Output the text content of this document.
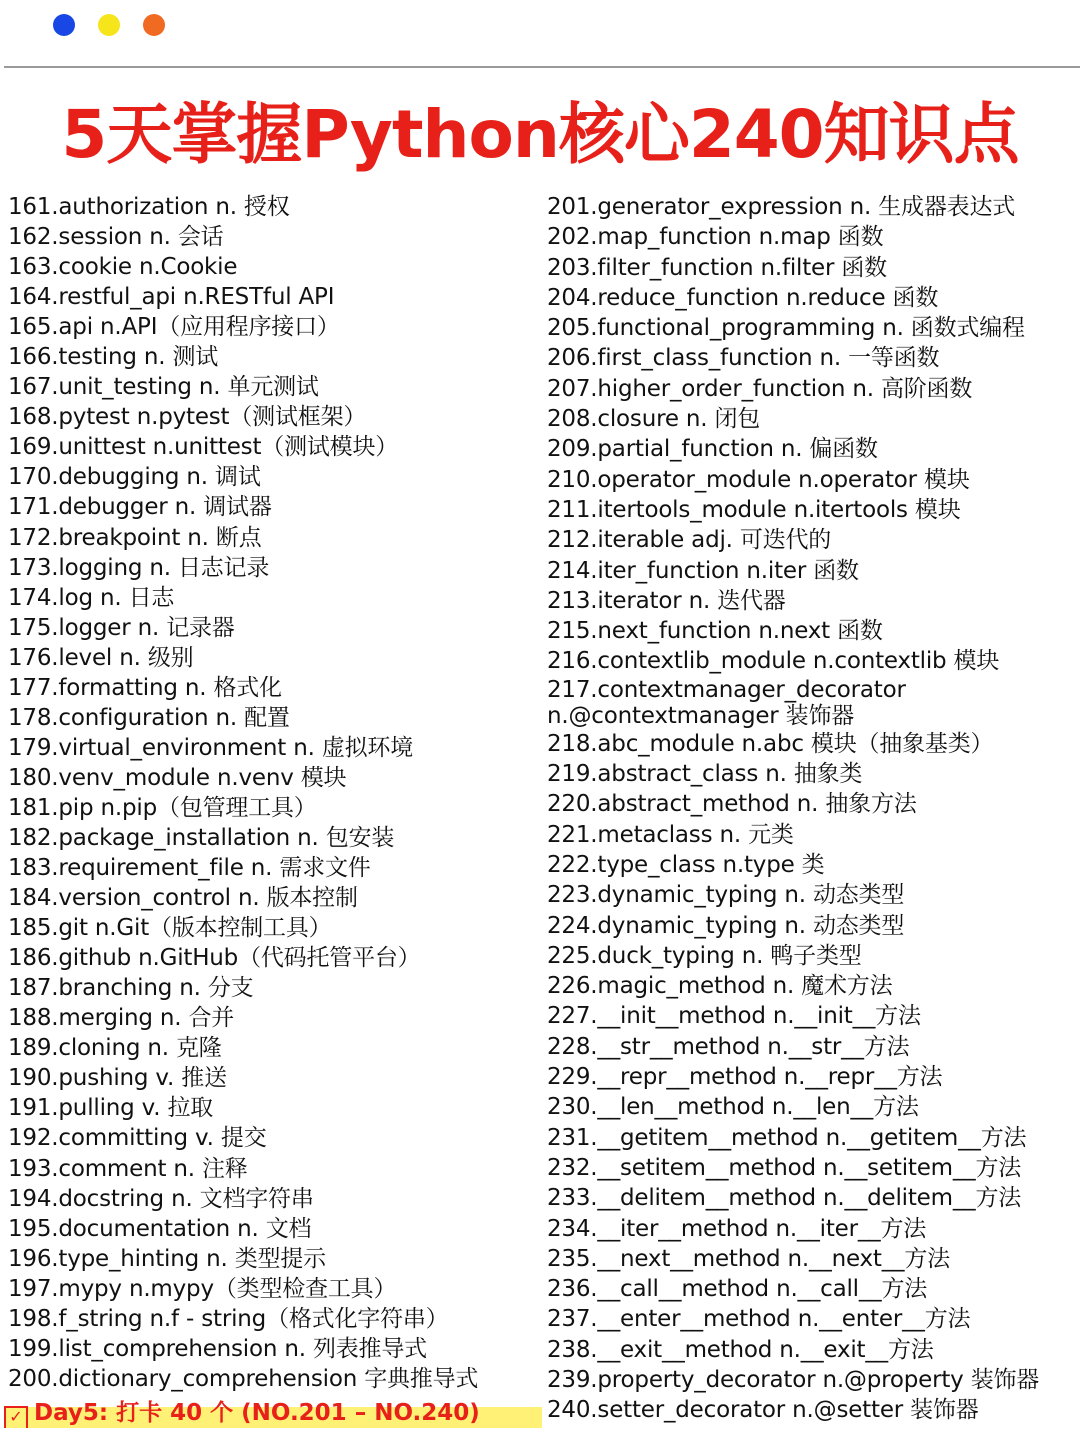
5天掌握Python核心240知识点
161.authorization n. 授权
162.session n. 会话
163.cookie n.Cookie
164.restful_api n.RESTful API
165.api n.API（应用程序接口）
166.testing n. 测试
167.unit_testing n. 单元测试
168.pytest n.pytest（测试框架）
169.unittest n.unittest（测试模块）
170.debugging n. 调试
171.debugger n. 调试器
172.breakpoint n. 断点
173.logging n. 日志记录
174.log n. 日志
175.logger n. 记录器
176.level n. 级别
177.formatting n. 格式化
178.configuration n. 配置
179.virtual_environment n. 虚拟环境
180.venv_module n.venv 模块
181.pip n.pip（包管理工具）
182.package_installation n. 包安装
183.requirement_file n. 需求文件
184.version_control n. 版本控制
185.git n.Git（版本控制工具）
186.github n.GitHub（代码托管平台）
187.branching n. 分支
188.merging n. 合并
189.cloning n. 克隆
190.pushing v. 推送
191.pulling v. 拉取
192.committing v. 提交
193.comment n. 注释
194.docstring n. 文档字符串
195.documentation n. 文档
196.type_hinting n. 类型提示
197.mypy n.mypy（类型检查工具）
198.f_string n.f - string（格式化字符串）
199.list_comprehension n. 列表推导式
200.dictionary_comprehension 字典推导式
201.generator_expression n. 生成器表达式
202.map_function n.map 函数
203.filter_function n.filter 函数
204.reduce_function n.reduce 函数
205.functional_programming n. 函数式编程
206.first_class_function n. 一等函数
207.higher_order_function n. 高阶函数
208.closure n. 闭包
209.partial_function n. 偏函数
210.operator_module n.operator 模块
211.itertools_module n.itertools 模块
212.iterable adj. 可迭代的
214.iter_function n.iter 函数
213.iterator n. 迭代器
215.next_function n.next 函数
216.contextlib_module n.contextlib 模块
217.contextmanager_decorator n.@contextmanager 装饰器
218.abc_module n.abc 模块（抽象基类）
219.abstract_class n. 抽象类
220.abstract_method n. 抽象方法
221.metaclass n. 元类
222.type_class n.type 类
223.dynamic_typing n. 动态类型
224.dynamic_typing n. 动态类型
225.duck_typing n. 鸭子类型
226.magic_method n. 魔术方法
227.__init__method n.__init__方法
228.__str__method n.__str__方法
229.__repr__method n.__repr__方法
230.__len__method n.__len__方法
231.__getitem__method n.__getitem__方法
232.__setitem__method n.__setitem__方法
233.__delitem__method n.__delitem__方法
234.__iter__method n.__iter__方法
235.__next__method n.__next__方法
236.__call__method n.__call__方法
237.__enter__method n.__enter__方法
238.__exit__method n.__exit__方法
239.property_decorator n.@property 装饰器
240.setter_decorator n.@setter 装饰器
✓ Day5: 打卡 40 个 (NO.201 – NO.240)
